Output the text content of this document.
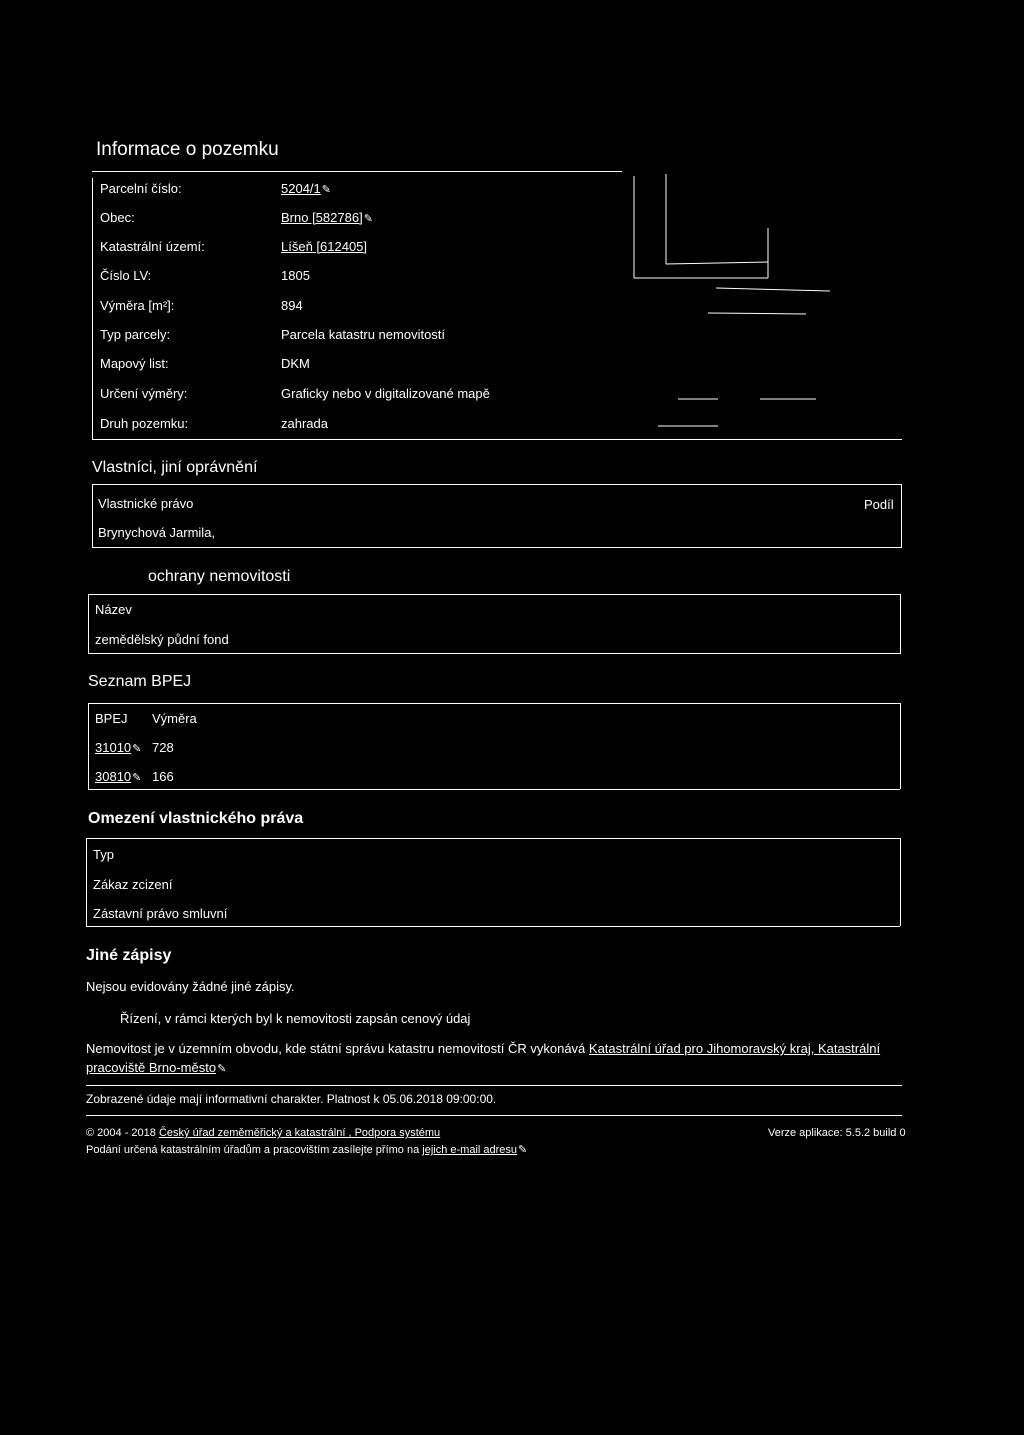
Informace o pozemku
Parcelní číslo:	5204/1✎
Obec:	Brno [582786]✎
Katastrální území:	Líšeň [612405]
Číslo LV:	1805
Výměra [m²]:	894
Typ parcely:	Parcela katastru nemovitostí
Mapový list:	DKM
Určení výměry:	Graficky nebo v digitalizované mapě
Druh pozemku:	zahrada
Vlastníci, jiní oprávnění
Vlastnické právo	Podíl
Brynychová Jarmila,
ochrany nemovitosti
Název
zemědělský půdní fond
Seznam BPEJ
BPEJ Výměra
31010✎ 728
30810✎ 166
Omezení vlastnického práva
Typ
Zákaz zcizení
Zástavní právo smluvní
Jiné zápisy
Nejsou evidovány žádné jiné zápisy.
Řízení, v rámci kterých byl k nemovitosti zapsán cenový údaj
Nemovitost je v územním obvodu, kde státní správu katastru nemovitostí ČR vykonává Katastrální úřad pro Jihomoravský kraj, Katastrální
pracoviště Brno-město✎
Zobrazené údaje mají informativní charakter. Platnost k 05.06.2018 09:00:00.
© 2004 - 2018 Český úřad zeměměřický a katastrální , Podpora systému	Verze aplikace: 5.5.2 build 0
Podání určená katastrálním úřadům a pracovištím zasílejte přímo na jejich e-mail adresu✎
